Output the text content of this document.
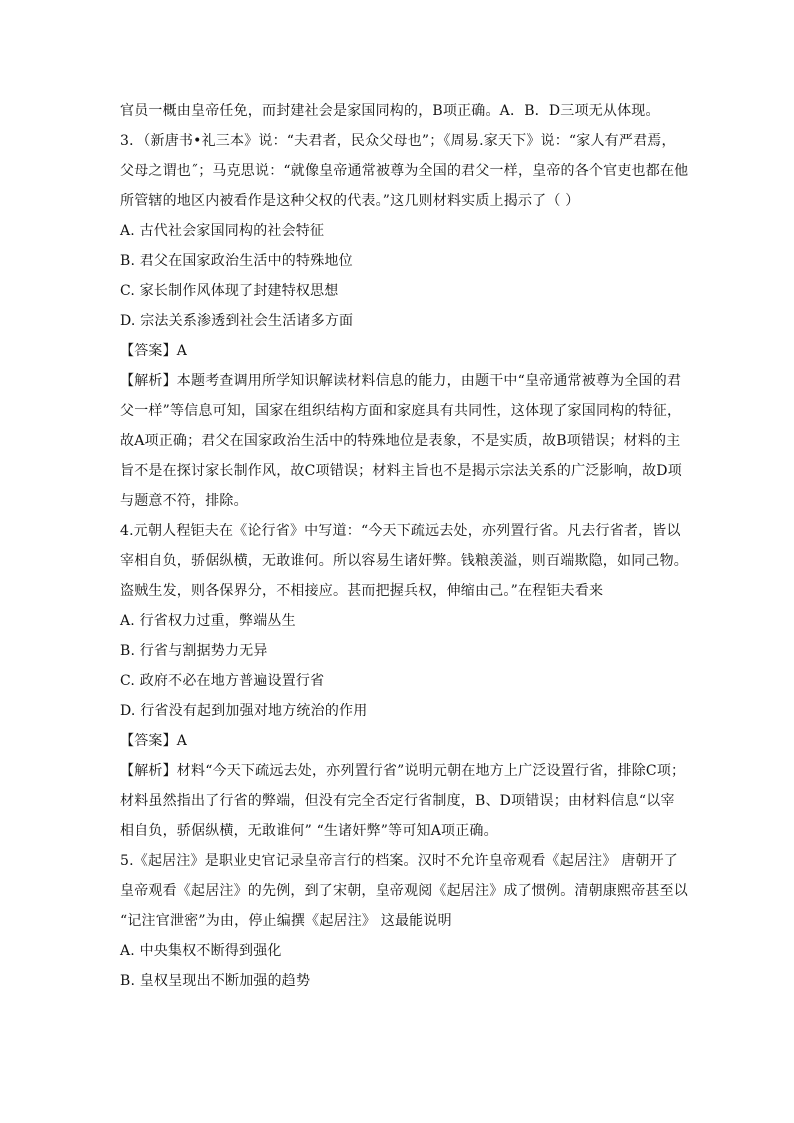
官员一概由皇帝任免，而封建社会是家国同构的，B项正确。A．B．D三项无从体现。

3．（新唐书•礼三本》说：“夫君者，民众父母也”；《周易.家天下》说：“家人有严君焉，

父母之谓也˝；马克思说：“就像皇帝通常被尊为全国的君父一样，皇帝的各个官吏也都在他

所管辖的地区内被看作是这种父权的代表。”这几则材料实质上揭示了（ ）

A. 古代社会家国同构的社会特征

B. 君父在国家政治生活中的特殊地位

C. 家长制作风体现了封建特权思想

D. 宗法关系渗透到社会生活诸多方面

【答案】A

【解析】本题考查调用所学知识解读材料信息的能力，由题干中“皇帝通常被尊为全国的君

父一样”等信息可知，国家在组织结构方面和家庭具有共同性，这体现了家国同构的特征，

故A项正确；君父在国家政治生活中的特殊地位是表象，不是实质，故B项错误；材料的主

旨不是在探讨家长制作风，故C项错误；材料主旨也不是揭示宗法关系的广泛影响，故D项

与题意不符，排除。

4.元朝人程钜夫在《论行省》中写道：“今天下疏远去处，亦列置行省。凡去行省者，皆以

宰相自负，骄倨纵横，无敢谁何。所以容易生诸奸弊。钱粮羡溢，则百端欺隐，如同己物。

盗贼生发，则各保界分，不相接应。甚而把握兵权，伸缩由己。”在程钜夫看来

A. 行省权力过重，弊端丛生

B. 行省与割据势力无异

C. 政府不必在地方普遍设置行省

D. 行省没有起到加强对地方统治的作用

【答案】A

【解析】材料“今天下疏远去处，亦列置行省”说明元朝在地方上广泛设置行省，排除C项；

材料虽然指出了行省的弊端，但没有完全否定行省制度，B、D项错误；由材料信息“以宰

相自负，骄倨纵横，无敢谁何” “生诸奸弊”等可知A项正确。

5.《起居注》是职业史官记录皇帝言行的档案。汉时不允许皇帝观看《起居注》 唐朝开了

皇帝观看《起居注》的先例，到了宋朝，皇帝观阅《起居注》成了惯例。清朝康熙帝甚至以

“记注官泄密”为由，停止编撰《起居注》 这最能说明

A. 中央集权不断得到强化

B. 皇权呈现出不断加强的趋势
